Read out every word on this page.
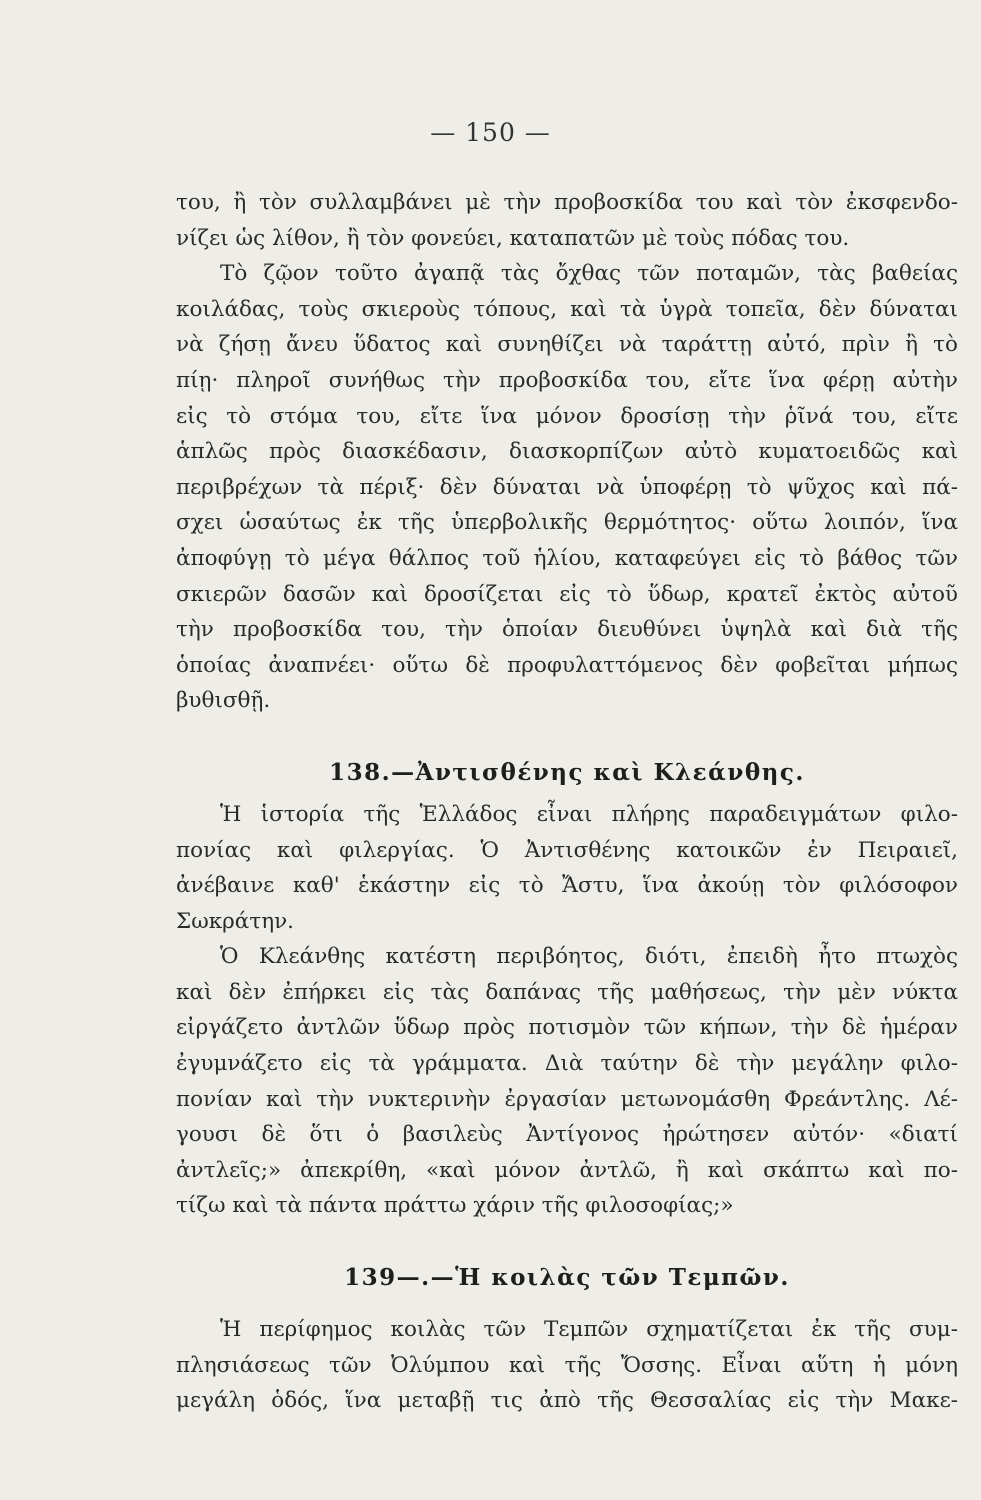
— 150 —
του, ἢ τὸν συλλαμβάνει μὲ τὴν προβοσκίδα του καὶ τὸν ἐκσφενδο-
νίζει ὡς λίθον, ἢ τὸν φονεύει, καταπατῶν μὲ τοὺς πόδας του.
Τὸ ζῷον τοῦτο ἀγαπᾷ τὰς ὄχθας τῶν ποταμῶν, τὰς βαθείας
κοιλάδας, τοὺς σκιεροὺς τόπους, καὶ τὰ ὑγρὰ τοπεῖα, δὲν δύναται
νὰ ζήσῃ ἄνευ ὕδατος καὶ συνηθίζει νὰ ταράττῃ αὐτό, πρὶν ἢ τὸ
πίῃ· πληροῖ συνήθως τὴν προβοσκίδα του, εἴτε ἵνα φέρῃ αὐτὴν
εἰς τὸ στόμα του, εἴτε ἵνα μόνον δροσίσῃ τὴν ῥῖνά του, εἴτε
ἁπλῶς πρὸς διασκέδασιν, διασκορπίζων αὐτὸ κυματοειδῶς καὶ
περιβρέχων τὰ πέριξ· δὲν δύναται νὰ ὑποφέρῃ τὸ ψῦχος καὶ πά-
σχει ὡσαύτως ἐκ τῆς ὑπερβολικῆς θερμότητος· οὕτω λοιπόν, ἵνα
ἀποφύγῃ τὸ μέγα θάλπος τοῦ ἡλίου, καταφεύγει εἰς τὸ βάθος τῶν
σκιερῶν δασῶν καὶ δροσίζεται εἰς τὸ ὕδωρ, κρατεῖ ἐκτὸς αὐτοῦ
τὴν προβοσκίδα του, τὴν ὁποίαν διευθύνει ὑψηλὰ καὶ διὰ τῆς
ὁποίας ἀναπνέει· οὕτω δὲ προφυλαττόμενος δὲν φοβεῖται μήπως
βυθισθῇ.
138.—Ἀντισθένης καὶ Κλεάνθης.
Ἡ ἱστορία τῆς Ἑλλάδος εἶναι πλήρης παραδειγμάτων φιλο-
πονίας καὶ φιλεργίας. Ὁ Ἀντισθένης κατοικῶν ἐν Πειραιεῖ,
ἀνέβαινε καθ' ἑκάστην εἰς τὸ Ἄστυ, ἵνα ἀκούῃ τὸν φιλόσοφον
Σωκράτην.
Ὁ Κλεάνθης κατέστη περιβόητος, διότι, ἐπειδὴ ἦτο πτωχὸς
καὶ δὲν ἐπήρκει εἰς τὰς δαπάνας τῆς μαθήσεως, τὴν μὲν νύκτα
εἰργάζετο ἀντλῶν ὕδωρ πρὸς ποτισμὸν τῶν κήπων, τὴν δὲ ἡμέραν
ἐγυμνάζετο εἰς τὰ γράμματα. Διὰ ταύτην δὲ τὴν μεγάλην φιλο-
πονίαν καὶ τὴν νυκτερινὴν ἐργασίαν μετωνομάσθη Φρεάντλης. Λέ-
γουσι δὲ ὅτι ὁ βασιλεὺς Ἀντίγονος ἠρώτησεν αὐτόν· «διατί
ἀντλεῖς;» ἀπεκρίθη, «καὶ μόνον ἀντλῶ, ἢ καὶ σκάπτω καὶ πο-
τίζω καὶ τὰ πάντα πράττω χάριν τῆς φιλοσοφίας;»
139—.—Ἡ κοιλὰς τῶν Τεμπῶν.
Ἡ περίφημος κοιλὰς τῶν Τεμπῶν σχηματίζεται ἐκ τῆς συμ-
πλησιάσεως τῶν Ὀλύμπου καὶ τῆς Ὄσσης. Εἶναι αὕτη ἡ μόνη
μεγάλη ὁδός, ἵνα μεταβῇ τις ἀπὸ τῆς Θεσσαλίας εἰς τὴν Μακε-
